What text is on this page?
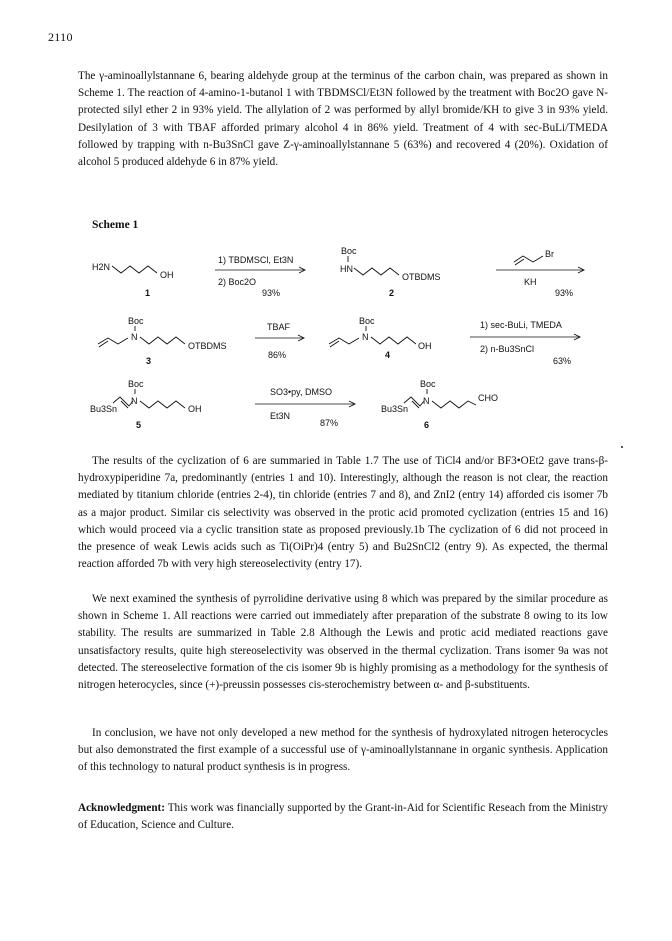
2110

The γ-aminoallylstannane 6, bearing aldehyde group at the terminus of the carbon chain, was prepared as shown in Scheme 1. The reaction of 4-amino-1-butanol 1 with TBDMSCl/Et3N followed by the treatment with Boc2O gave N-protected silyl ether 2 in 93% yield. The allylation of 2 was performed by allyl bromide/KH to give 3 in 93% yield. Desilylation of 3 with TBAF afforded primary alcohol 4 in 86% yield. Treatment of 4 with sec-BuLi/TMEDA followed by trapping with n-Bu3SnCl gave Z-γ-aminoallylstannane 5 (63%) and recovered 4 (20%). Oxidation of alcohol 5 produced aldehyde 6 in 87% yield.

Scheme 1
H2N
OH
1
1) TBDMSCl, Et3N
2) Boc2O
93%
Boc
HN
OTBDMS
2
Br
KH
93%
Boc
N
OTBDMS
3
TBAF
86%
Boc
N
OH
4
1) sec-BuLi, TMEDA
2) n-Bu3SnCl
63%
Boc
Bu3Sn
N
OH
5
SO3•py, DMSO
Et3N
87%
Boc
Bu3Sn
N	CHO
6

The results of the cyclization of 6 are summaried in Table 1.7 The use of TiCl4 and/or BF3•OEt2 gave trans-β-hydroxypiperidine 7a, predominantly (entries 1 and 10). Interestingly, although the reason is not clear, the reaction mediated by titanium chloride (entries 2-4), tin chloride (entries 7 and 8), and ZnI2 (entry 14) afforded cis isomer 7b as a major product. Similar cis selectivity was observed in the protic acid promoted cyclization (entries 15 and 16) which would proceed via a cyclic transition state as proposed previously.1b The cyclization of 6 did not proceed in the presence of weak Lewis acids such as Ti(OiPr)4 (entry 5) and Bu2SnCl2 (entry 9). As expected, the thermal reaction afforded 7b with very high stereoselectivity (entry 17).

We next examined the synthesis of pyrrolidine derivative using 8 which was prepared by the similar procedure as shown in Scheme 1. All reactions were carried out immediately after preparation of the substrate 8 owing to its low stability. The results are summarized in Table 2.8 Although the Lewis and protic acid mediated reactions gave unsatisfactory results, quite high stereoselectivity was observed in the thermal cyclization. Trans isomer 9a was not detected. The stereoselective formation of the cis isomer 9b is highly promising as a methodology for the synthesis of nitrogen heterocycles, since (+)-preussin possesses cis-sterochemistry between α- and β-substituents.

In conclusion, we have not only developed a new method for the synthesis of hydroxylated nitrogen heterocycles but also demonstrated the first example of a successful use of γ-aminoallylstannane in organic synthesis. Application of this technology to natural product synthesis is in progress.

Acknowledgment: This work was financially supported by the Grant-in-Aid for Scientific Reseach from the Ministry of Education, Science and Culture.
